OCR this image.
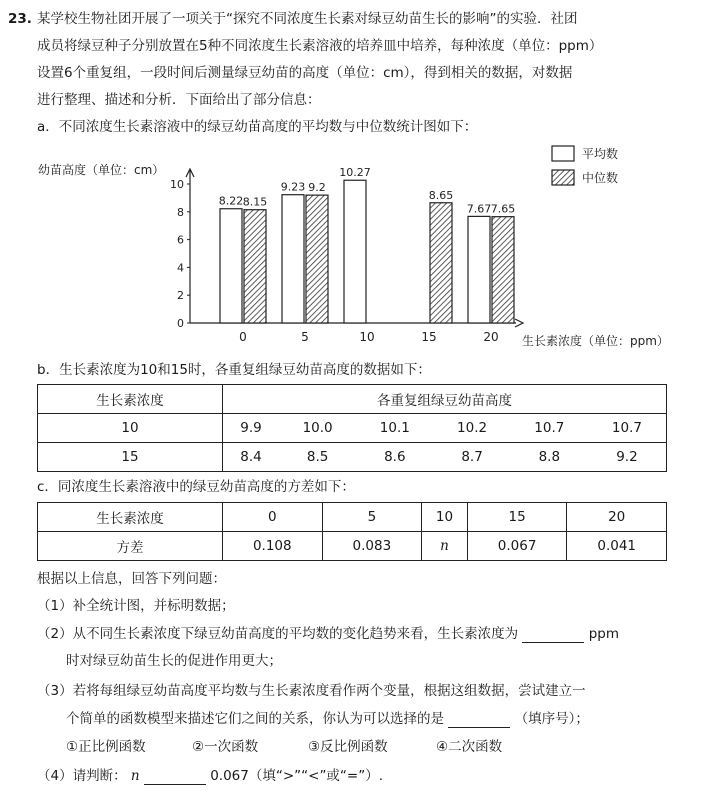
23. 某学校生物社团开展了一项关于“探究不同浓度生长素对绿豆幼苗生长的影响”的实验．社团
成员将绿豆种子分别放置在5种不同浓度生长素溶液的培养皿中培养，每种浓度（单位：ppm）
设置6个重复组，一段时间后测量绿豆幼苗的高度（单位：cm），得到相关的数据，对数据
进行整理、描述和分析．下面给出了部分信息：
a．不同浓度生长素溶液中的绿豆幼苗高度的平均数与中位数统计图如下：
幼苗高度（单位：cm）
0
2
4
6
8
10
8.22 8.15
9.23 9.2
10.27
8.65
7.67 7.65
0	5	10	15	20 生长素浓度（单位：ppm）
平均数
中位数
b．生长素浓度为10和15时，各重复组绿豆幼苗高度的数据如下：
生长素浓度	各重复组绿豆幼苗高度					
10	9.9	10.0	10.1	10.2	10.7	10.7
15	8.4	8.5	8.6	8.7	8.8	9.2
c．同浓度生长素溶液中的绿豆幼苗高度的方差如下：
生长素浓度	0	5	10	15	20
方差	0.108	0.083	n	0.067	0.041
根据以上信息，回答下列问题：
（1）补全统计图，并标明数据；
（2）从不同生长素浓度下绿豆幼苗高度的平均数的变化趋势来看，生长素浓度为	ppm
时对绿豆幼苗生长的促进作用更大；
（3）若将每组绿豆幼苗高度平均数与生长素浓度看作两个变量，根据这组数据，尝试建立一
个简单的函数模型来描述它们之间的关系，你认为可以选择的是	（填序号）；
①正比例函数	②一次函数	③反比例函数	④二次函数
（4）请判断： n	0.067（填“>”“<”或“=”）.
